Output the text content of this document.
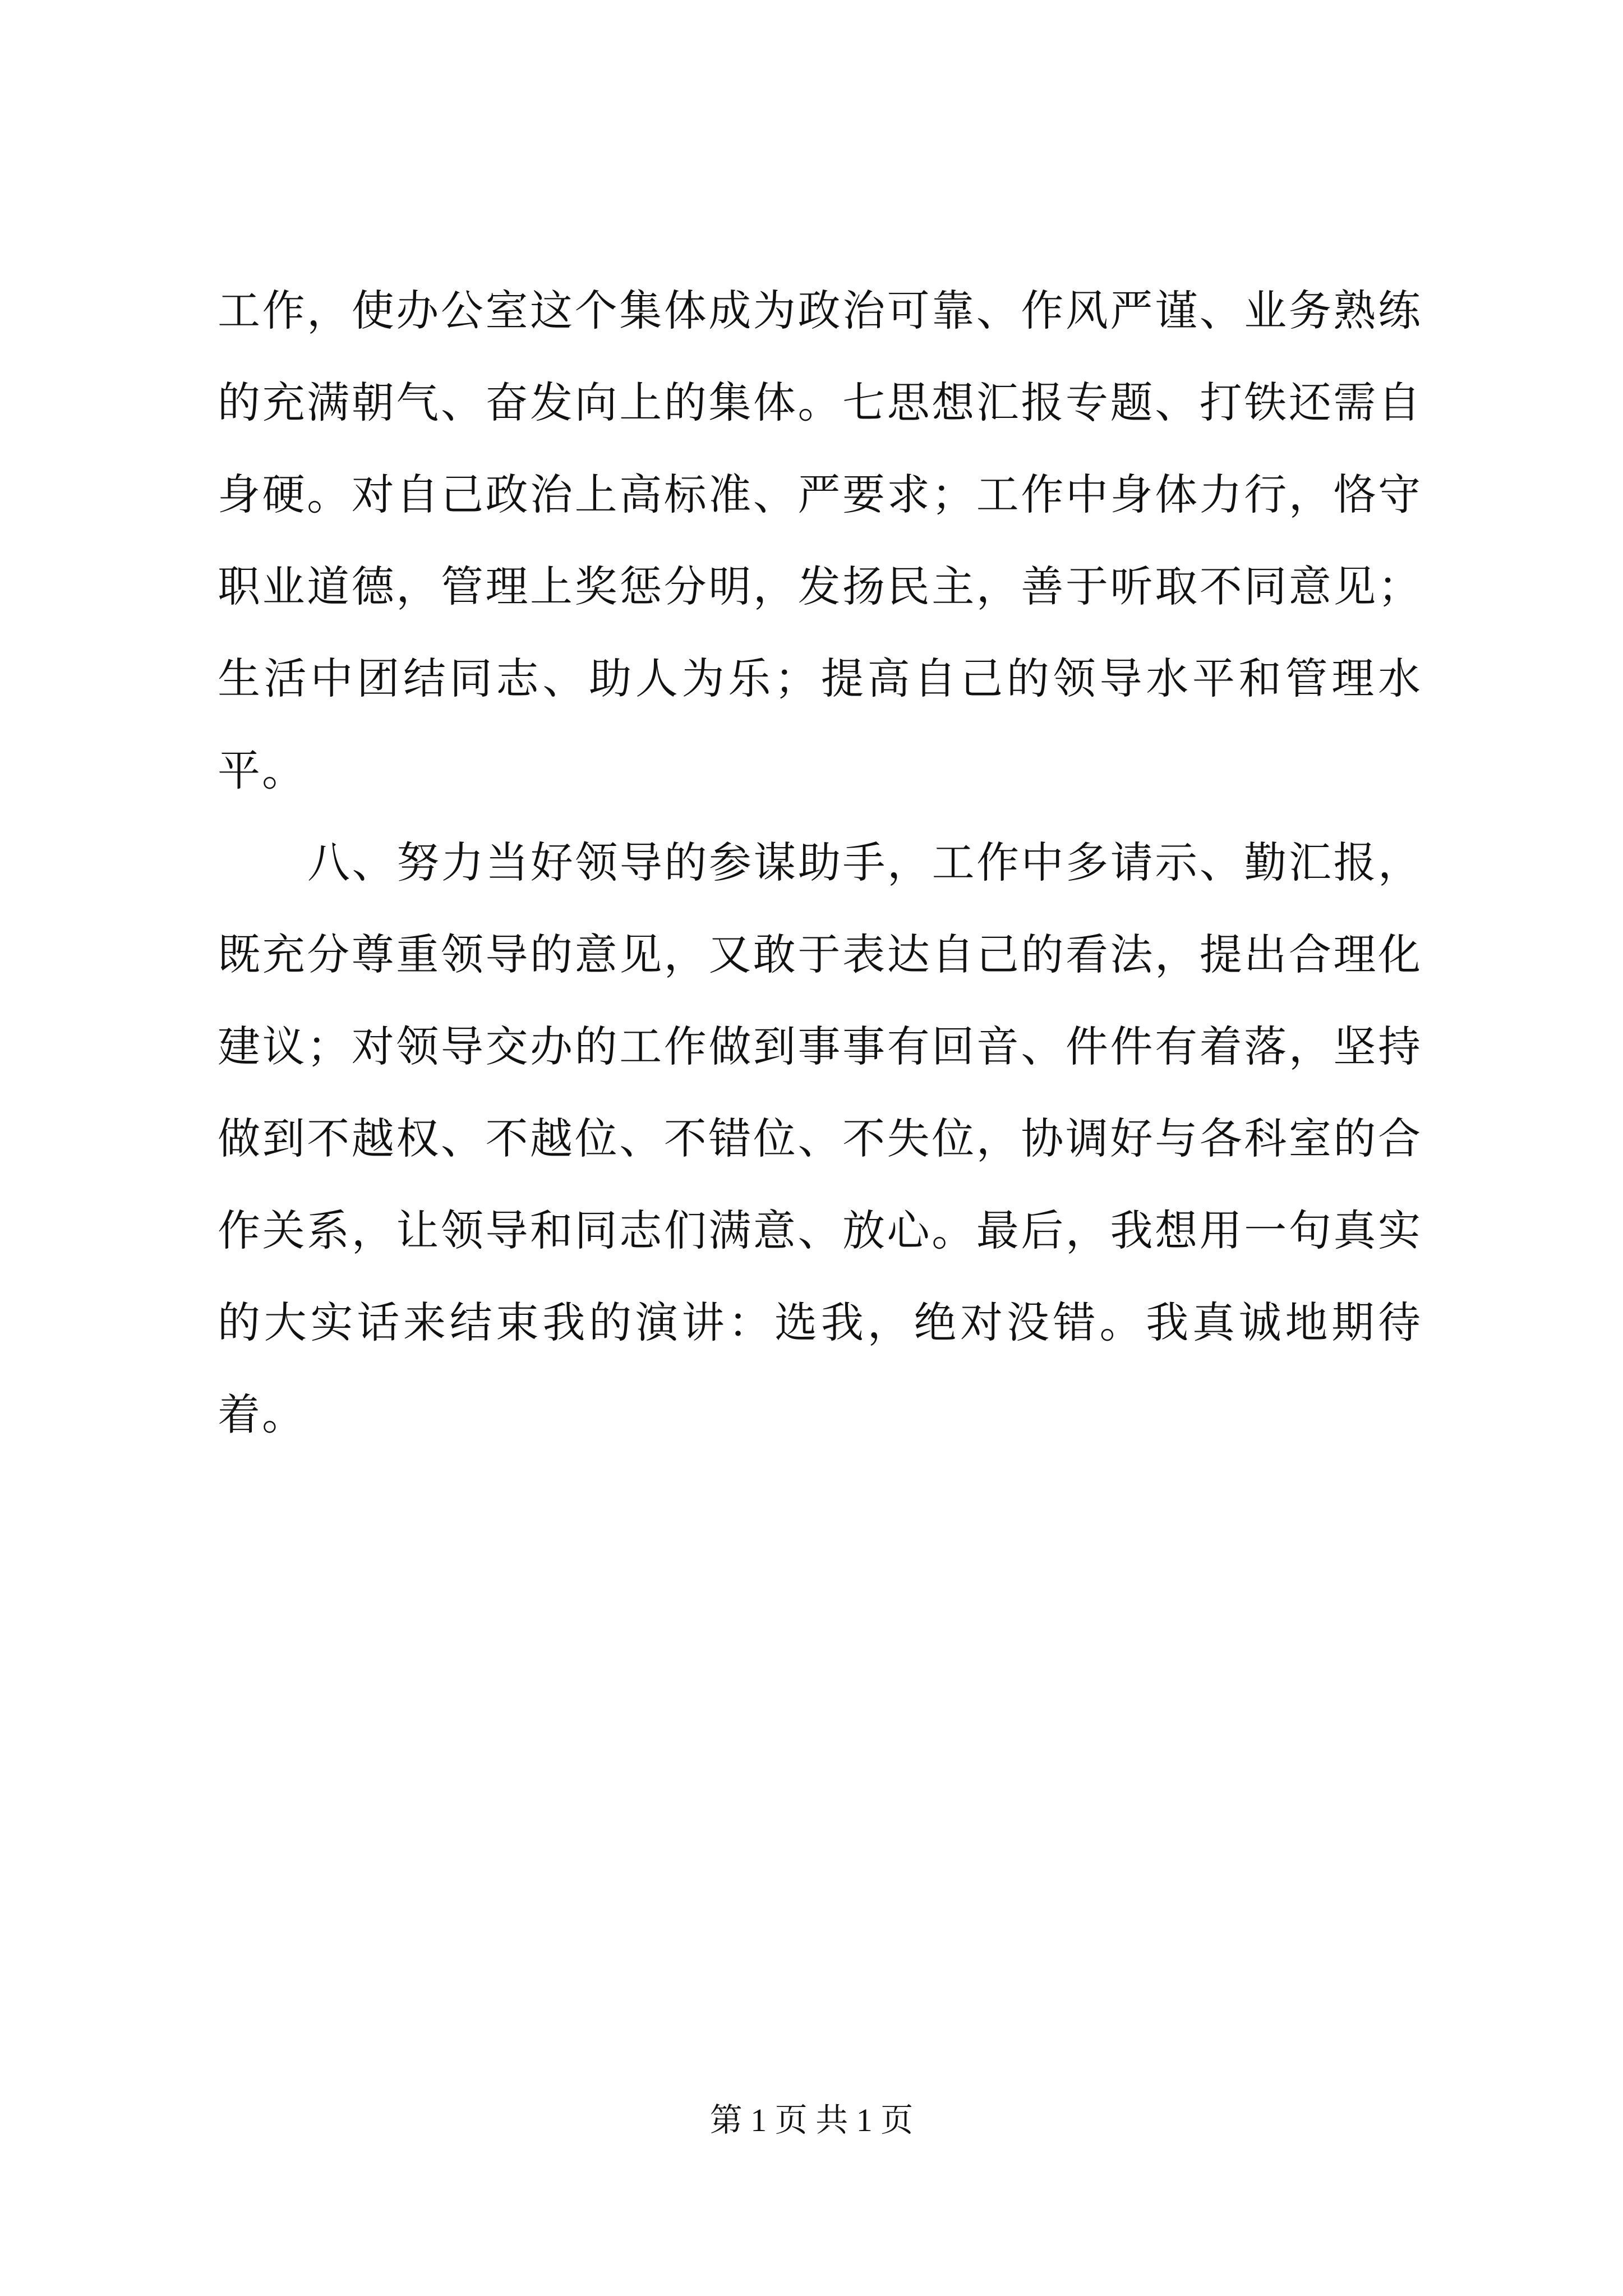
工作，使办公室这个集体成为政治可靠、作风严谨、业务熟练的充满朝气、奋发向上的集体。七思想汇报专题、打铁还需自身硬。对自己政治上高标准、严要求；工作中身体力行，恪守职业道德，管理上奖惩分明，发扬民主，善于听取不同意见；生活中团结同志、助人为乐；提高自己的领导水平和管理水平。

八、努力当好领导的参谋助手，工作中多请示、勤汇报，既充分尊重领导的意见，又敢于表达自己的看法，提出合理化建议；对领导交办的工作做到事事有回音、件件有着落，坚持做到不越权、不越位、不错位、不失位，协调好与各科室的合作关系，让领导和同志们满意、放心。最后，我想用一句真实的大实话来结束我的演讲：选我，绝对没错。我真诚地期待着。

第 1 页 共 1 页
